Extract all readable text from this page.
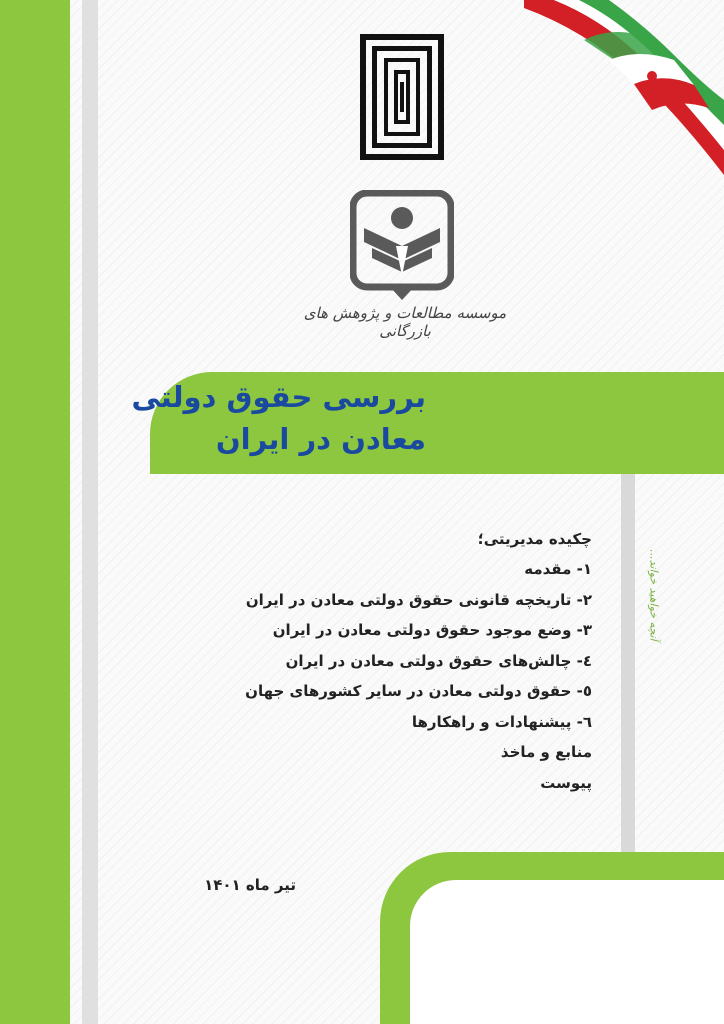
موسسه مطالعات و پژوهش های بازرگانی
بررسی حقوق دولتی
معادن در ایران
آنچه خواهید خواند...
چکیده مدیریتی؛
۱- مقدمه
۲- تاریخچه قانونی حقوق دولتی معادن در ایران
۳- وضع موجود حقوق دولتی معادن در ایران
٤- چالش‌های حقوق دولتی معادن در ایران
٥- حقوق دولتی معادن در سایر کشورهای جهان
٦- پیشنهادات و راهکارها
منابع و ماخذ
پیوست
تیر ماه ۱۴۰۱
